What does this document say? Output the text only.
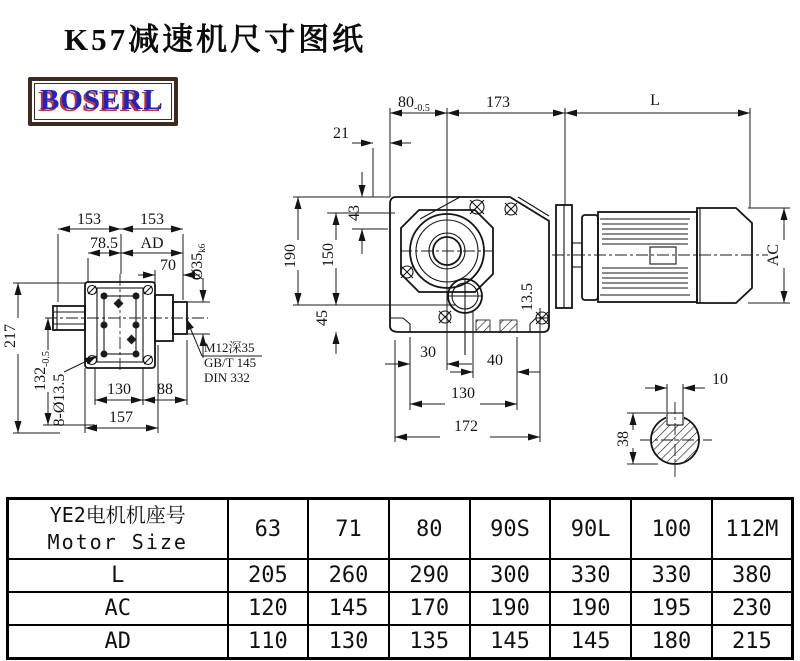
K57减速机尺寸图纸
BOSERL	$80_{-0.5}$	173	L
21
43
190 150
45
30	40
130
172
13.5
AC
153 153
78.5 AD
70 Ø35k6
217
$132_{-0.5}$
8-Ø13.5 130 88
157
M12深35
GB/T 145
DIN 332	10
38
YE2电机机座号
Motor Size	63	71	80	90S	90L	100	112M
L	205	260	290	300	330	330	380
AC	120	145	170	190	190	195	230
AD	110	130	135	145	145	180	215
